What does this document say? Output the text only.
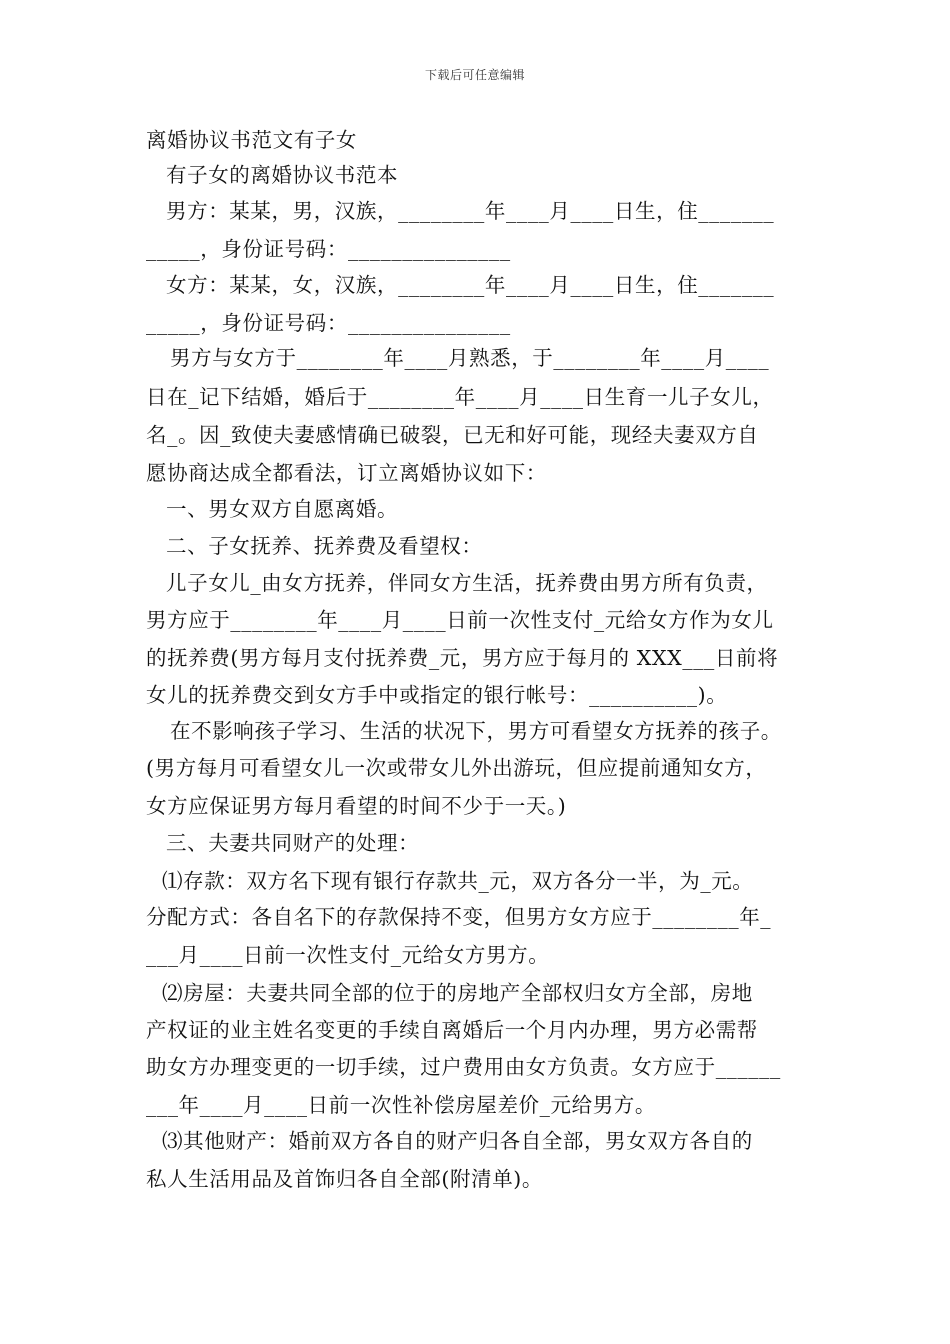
下载后可任意编辑
离婚协议书范文有子女
有子女的离婚协议书范本
男方：某某，男，汉族，________年____月____日生，住_______
_____，身份证号码：_______________
女方：某某，女，汉族，________年____月____日生，住_______
_____，身份证号码：_______________
男方与女方于________年____月熟悉，于________年____月____
日在_记下结婚，婚后于________年____月____日生育一儿子女儿，
名_。因_致使夫妻感情确已破裂，已无和好可能，现经夫妻双方自
愿协商达成全都看法，订立离婚协议如下：
一、男女双方自愿离婚。
二、子女抚养、抚养费及看望权：
儿子女儿_由女方抚养，伴同女方生活，抚养费由男方所有负责，
男方应于________年____月____日前一次性支付_元给女方作为女儿
的抚养费(男方每月支付抚养费_元，男方应于每月的 XXX___日前将
女儿的抚养费交到女方手中或指定的银行帐号：__________)。
在不影响孩子学习、生活的状况下，男方可看望女方抚养的孩子。
(男方每月可看望女儿一次或带女儿外出游玩，但应提前通知女方，
女方应保证男方每月看望的时间不少于一天。)
三、夫妻共同财产的处理：
⑴存款：双方名下现有银行存款共_元，双方各分一半，为_元。
分配方式：各自名下的存款保持不变，但男方女方应于________年_
___月____日前一次性支付_元给女方男方。
⑵房屋：夫妻共同全部的位于的房地产全部权归女方全部，房地
产权证的业主姓名变更的手续自离婚后一个月内办理，男方必需帮
助女方办理变更的一切手续，过户费用由女方负责。女方应于______
___年____月____日前一次性补偿房屋差价_元给男方。
⑶其他财产：婚前双方各自的财产归各自全部，男女双方各自的
私人生活用品及首饰归各自全部(附清单)。
